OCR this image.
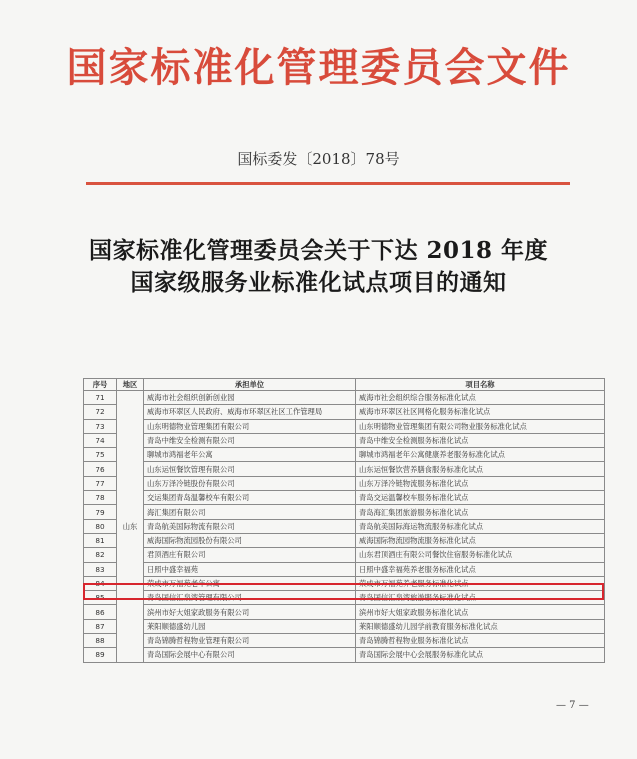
国家标准化管理委员会文件
国标委发〔2018〕78号
国家标准化管理委员会关于下达 2018 年度
国家级服务业标准化试点项目的通知
序号	地区	承担单位	项目名称
71	山东	威海市社会组织创新创业园	威海市社会组织综合服务标准化试点
72		威海市环翠区人民政府、威海市环翠区社区工作管理局	威海市环翠区社区网格化服务标准化试点
73		山东明德物业管理集团有限公司	山东明德物业管理集团有限公司物业服务标准化试点
74		青岛中维安全检测有限公司	青岛中维安全检测服务标准化试点
75		聊城市鸿福老年公寓	聊城市鸿福老年公寓健康养老服务标准化试点
76		山东运恒餐饮管理有限公司	山东运恒餐饮营养膳食服务标准化试点
77		山东万泽冷链股份有限公司	山东万泽冷链物流服务标准化试点
78		交运集团青岛温馨校车有限公司	青岛交运温馨校车服务标准化试点
79		海汇集团有限公司	青岛海汇集团旅游服务标准化试点
80		青岛航美国际物流有限公司	青岛航美国际海运物流服务标准化试点
81		威海国际物流园股份有限公司	威海国际物流园物流服务标准化试点
82		君顶酒庄有限公司	山东君顶酒庄有限公司餐饮住宿服务标准化试点
83		日照中盛幸福苑	日照中盛幸福苑养老服务标准化试点
84		荣成市万福苑老年公寓	荣成市万福苑养老服务标准化试点
85		青岛国信汇泉湾管理有限公司	青岛国信汇泉湾旅游服务标准化试点
86		滨州市好大姐家政服务有限公司	滨州市好大姐家政服务标准化试点
87		莱阳顺德盛幼儿园	莱阳顺德盛幼儿园学前教育服务标准化试点
88		青岛锦腾哲程物业管理有限公司	青岛锦腾哲程物业服务标准化试点
89		青岛国际会展中心有限公司	青岛国际会展中心会展服务标准化试点
— 7 —
